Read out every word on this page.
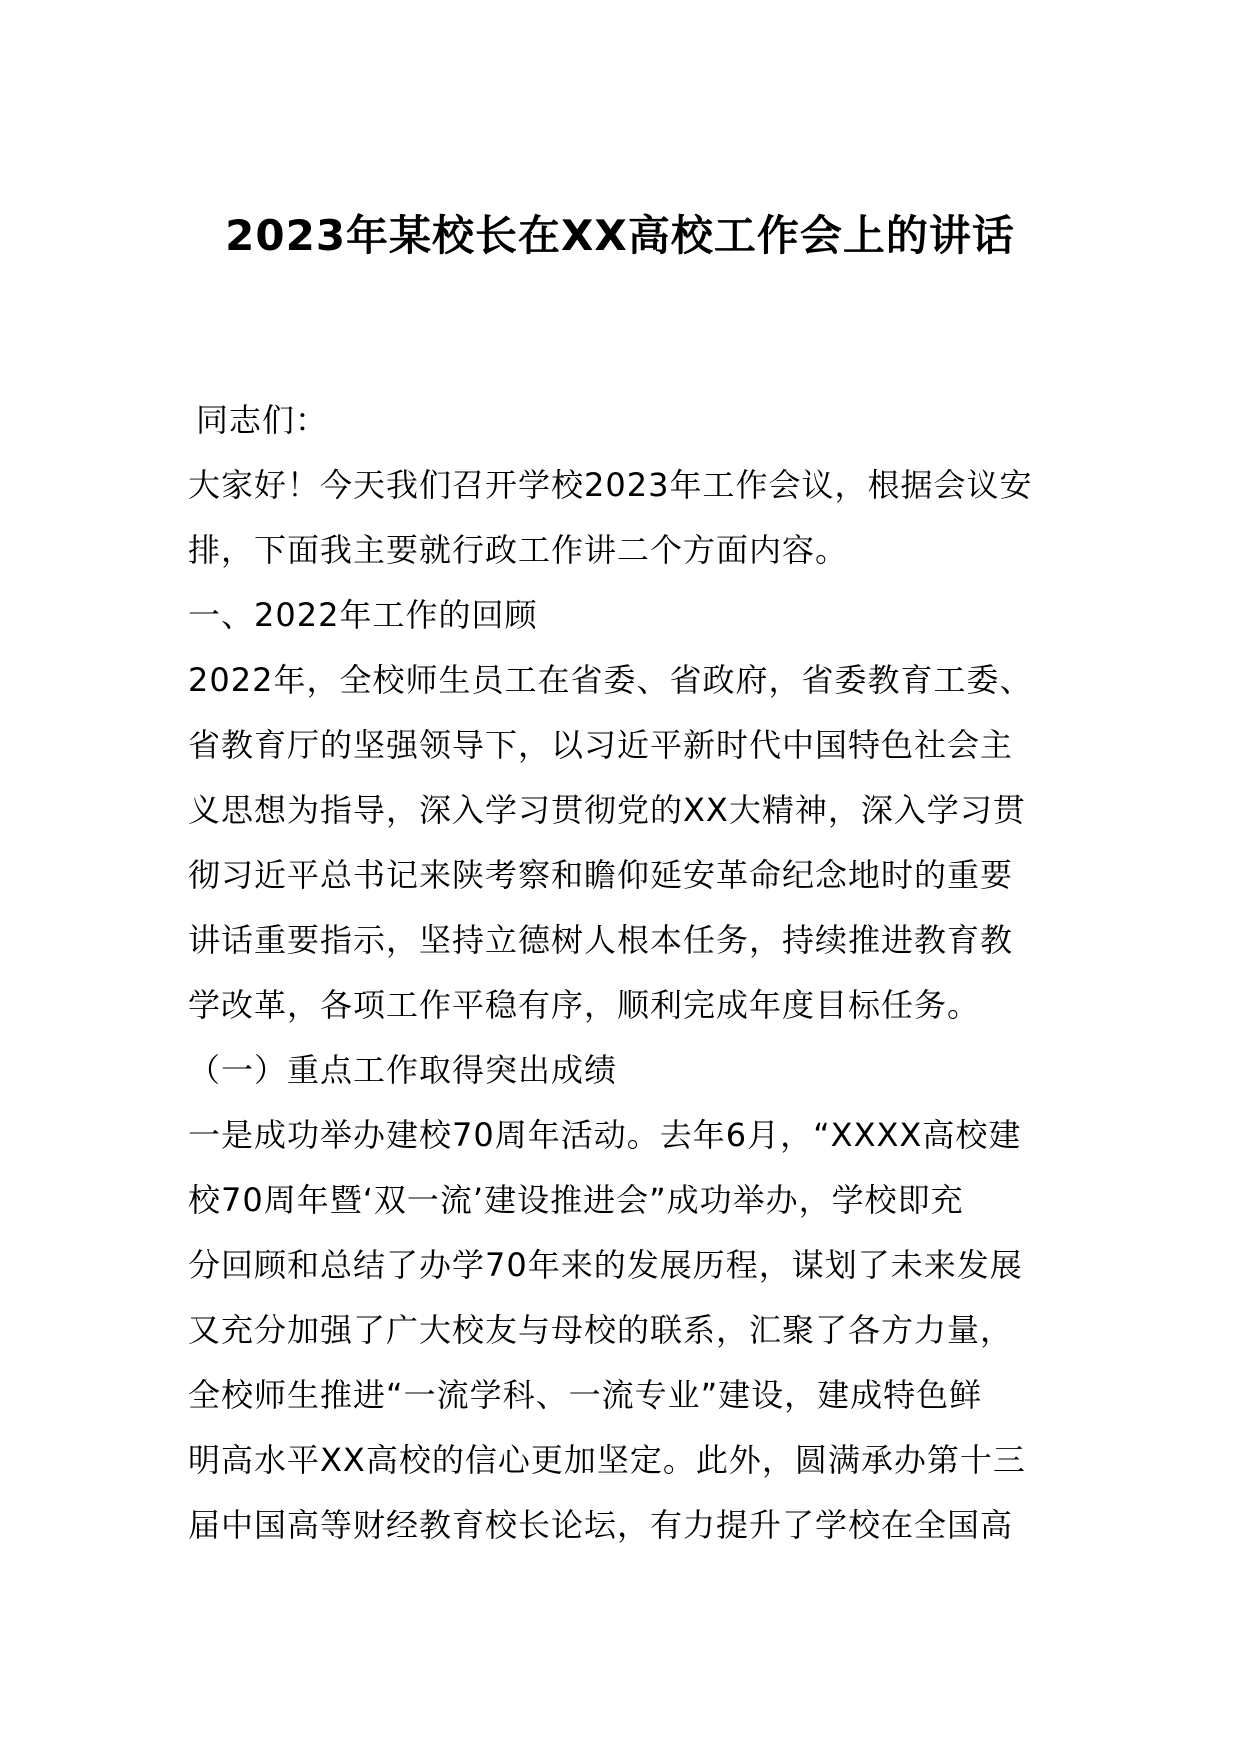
2023年某校长在XX高校工作会上的讲话

同志们：

大家好！今天我们召开学校2023年工作会议，根据会议安

排，下面我主要就行政工作讲二个方面内容。

一、2022年工作的回顾

2022年，全校师生员工在省委、省政府，省委教育工委、

省教育厅的坚强领导下，以习近平新时代中国特色社会主

义思想为指导，深入学习贯彻党的XX大精神，深入学习贯

彻习近平总书记来陕考察和瞻仰延安革命纪念地时的重要

讲话重要指示，坚持立德树人根本任务，持续推进教育教

学改革，各项工作平稳有序，顺利完成年度目标任务。

（一）重点工作取得突出成绩

一是成功举办建校70周年活动。去年6月，“XXXX高校建

校70周年暨‘双一流’建设推进会”成功举办，学校即充

分回顾和总结了办学70年来的发展历程，谋划了未来发展

又充分加强了广大校友与母校的联系，汇聚了各方力量，

全校师生推进“一流学科、一流专业”建设，建成特色鲜

明高水平XX高校的信心更加坚定。此外，圆满承办第十三

届中国高等财经教育校长论坛，有力提升了学校在全国高
